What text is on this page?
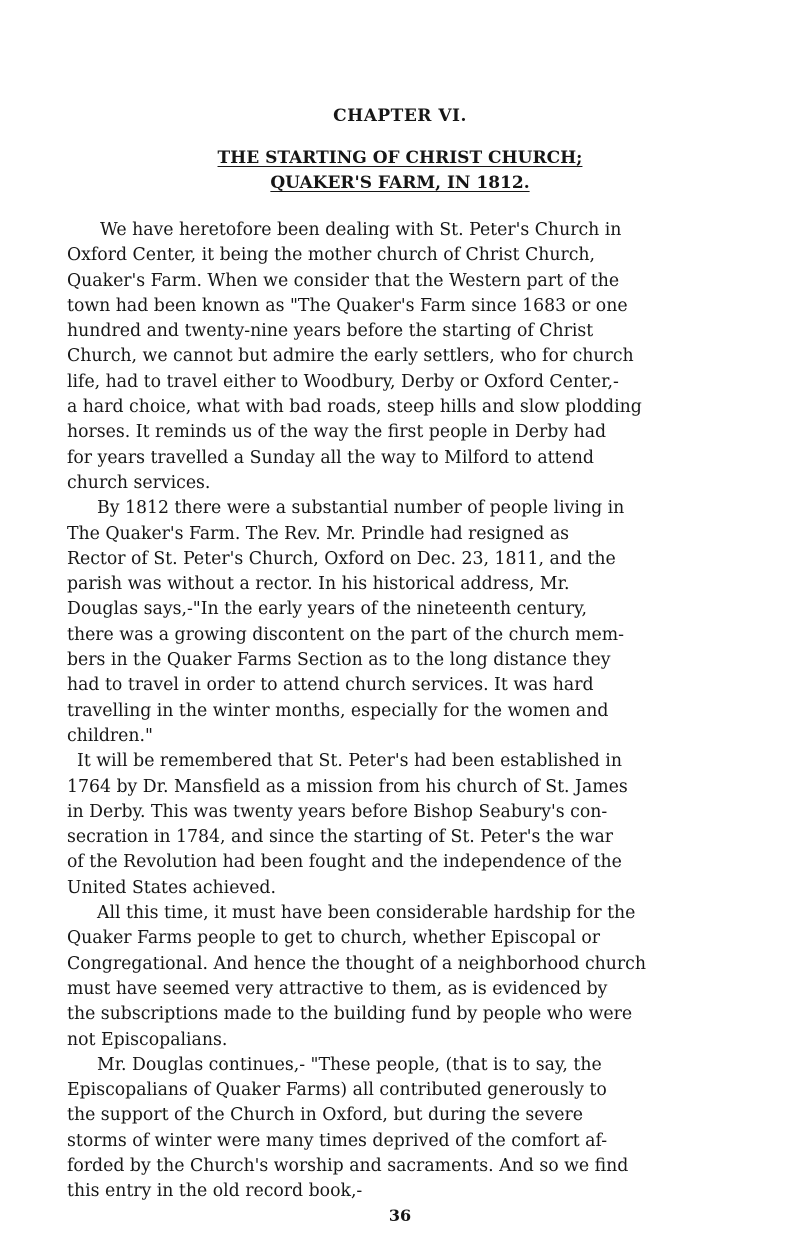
CHAPTER VI.
THE STARTING OF CHRIST CHURCH;
QUAKER'S FARM, IN 1812.

We have heretofore been dealing with St. Peter's Church in
Oxford Center, it being the mother church of Christ Church,
Quaker's Farm. When we consider that the Western part of the
town had been known as "The Quaker's Farm since 1683 or one
hundred and twenty-nine years before the starting of Christ
Church, we cannot but admire the early settlers, who for church
life, had to travel either to Woodbury, Derby or Oxford Center,-
a hard choice, what with bad roads, steep hills and slow plodding
horses. It reminds us of the way the first people in Derby had
for years travelled a Sunday all the way to Milford to attend
church services.

By 1812 there were a substantial number of people living in
The Quaker's Farm. The Rev. Mr. Prindle had resigned as
Rector of St. Peter's Church, Oxford on Dec. 23, 1811, and the
parish was without a rector. In his historical address, Mr.
Douglas says,-"In the early years of the nineteenth century,
there was a growing discontent on the part of the church mem-
bers in the Quaker Farms Section as to the long distance they
had to travel in order to attend church services. It was hard
travelling in the winter months, especially for the women and
children."

It will be remembered that St. Peter's had been established in
1764 by Dr. Mansfield as a mission from his church of St. James
in Derby. This was twenty years before Bishop Seabury's con-
secration in 1784, and since the starting of St. Peter's the war
of the Revolution had been fought and the independence of the
United States achieved.

All this time, it must have been considerable hardship for the
Quaker Farms people to get to church, whether Episcopal or
Congregational. And hence the thought of a neighborhood church
must have seemed very attractive to them, as is evidenced by
the subscriptions made to the building fund by people who were
not Episcopalians.

Mr. Douglas continues,- "These people, (that is to say, the
Episcopalians of Quaker Farms) all contributed generously to
the support of the Church in Oxford, but during the severe
storms of winter were many times deprived of the comfort af-
forded by the Church's worship and sacraments. And so we find
this entry in the old record book,-

36
